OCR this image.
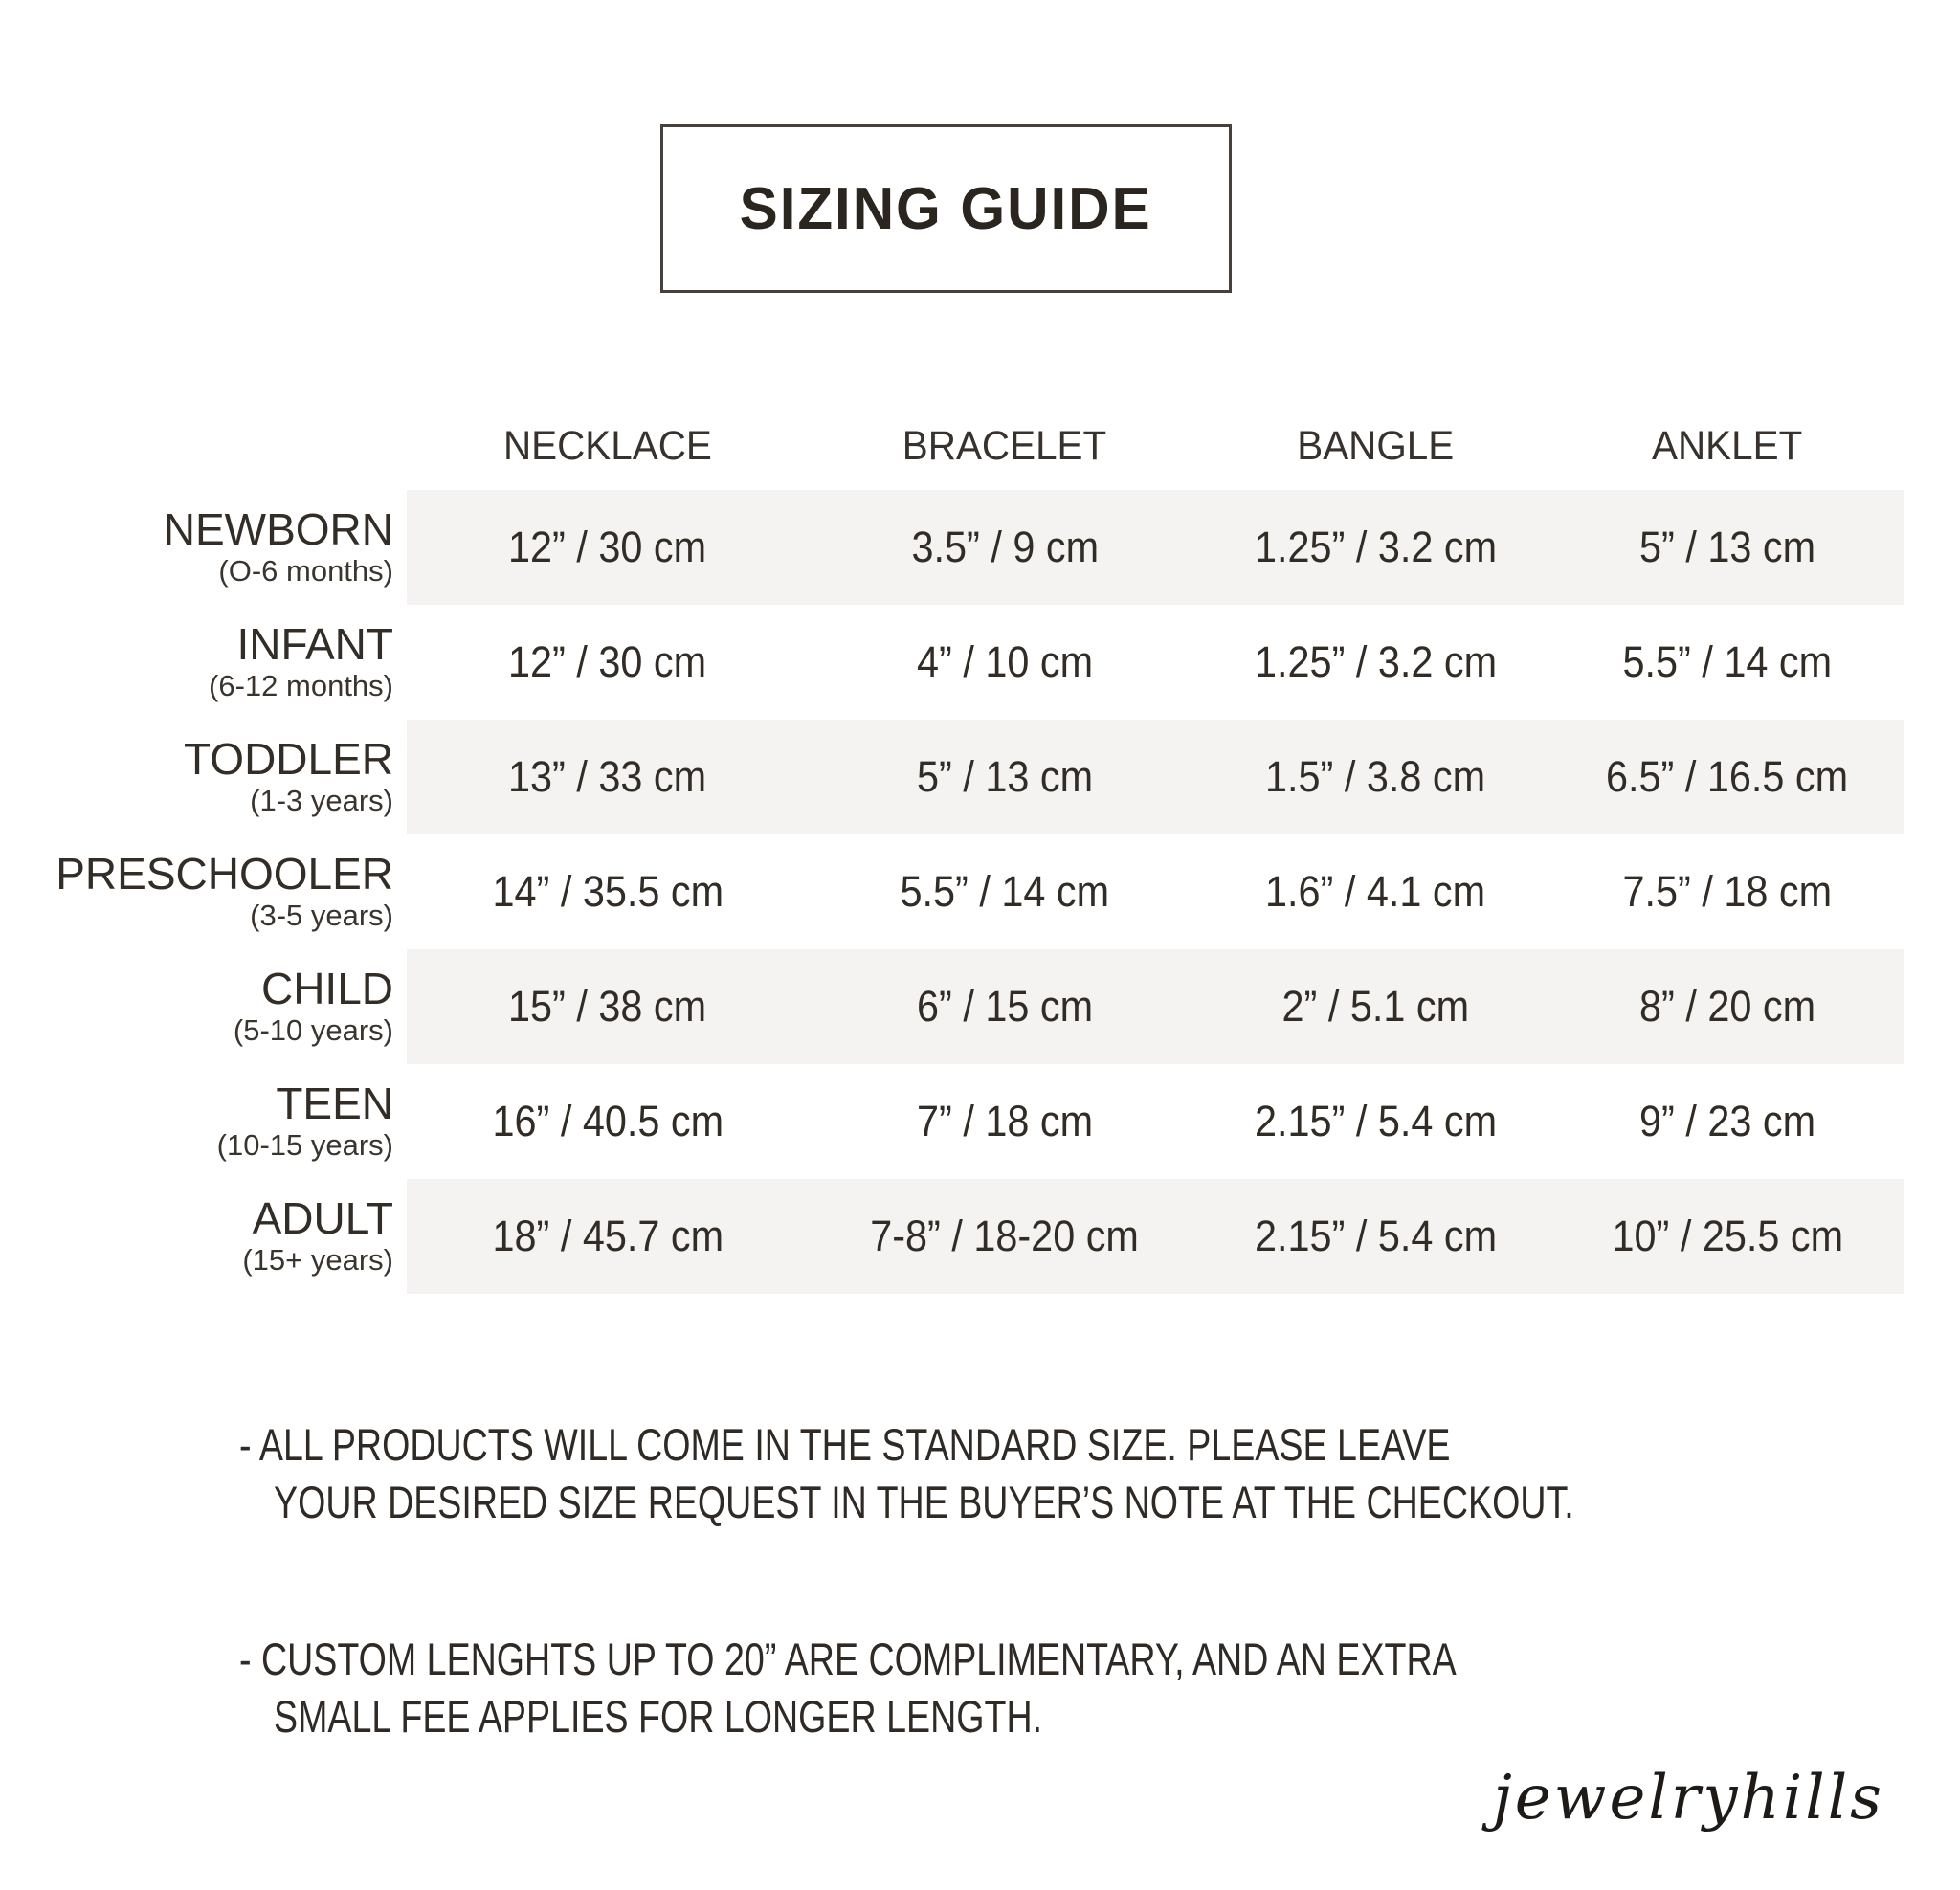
SIZING GUIDE
NECKLACE	BRACELET	BANGLE	ANKLET
NEWBORN
(O-6 months)	12” / 30 cm	3.5” / 9 cm	1.25” / 3.2 cm	5” / 13 cm
INFANT
(6-12 months)	12” / 30 cm	4” / 10 cm	1.25” / 3.2 cm	5.5” / 14 cm
TODDLER
(1-3 years)	13” / 33 cm	5” / 13 cm	1.5” / 3.8 cm	6.5” / 16.5 cm
PRESCHOOLER
(3-5 years) 14” / 35.5 cm	5.5” / 14 cm	1.6” / 4.1 cm	7.5” / 18 cm
CHILD
(5-10 years)	15” / 38 cm	6” / 15 cm	2” / 5.1 cm	8” / 20 cm
TEEN
(10-15 years) 16” / 40.5 cm	7” / 18 cm	2.15” / 5.4 cm	9” / 23 cm
ADULT
(15+ years) 18” / 45.7 cm	7-8” / 18-20 cm	2.15” / 5.4 cm	10” / 25.5 cm
- ALL PRODUCTS WILL COME IN THE STANDARD SIZE. PLEASE LEAVE
YOUR DESIRED SIZE REQUEST IN THE BUYER’S NOTE AT THE CHECKOUT.
- CUSTOM LENGHTS UP TO 20” ARE COMPLIMENTARY, AND AN EXTRA
SMALL FEE APPLIES FOR LONGER LENGTH.
jewelryhills
